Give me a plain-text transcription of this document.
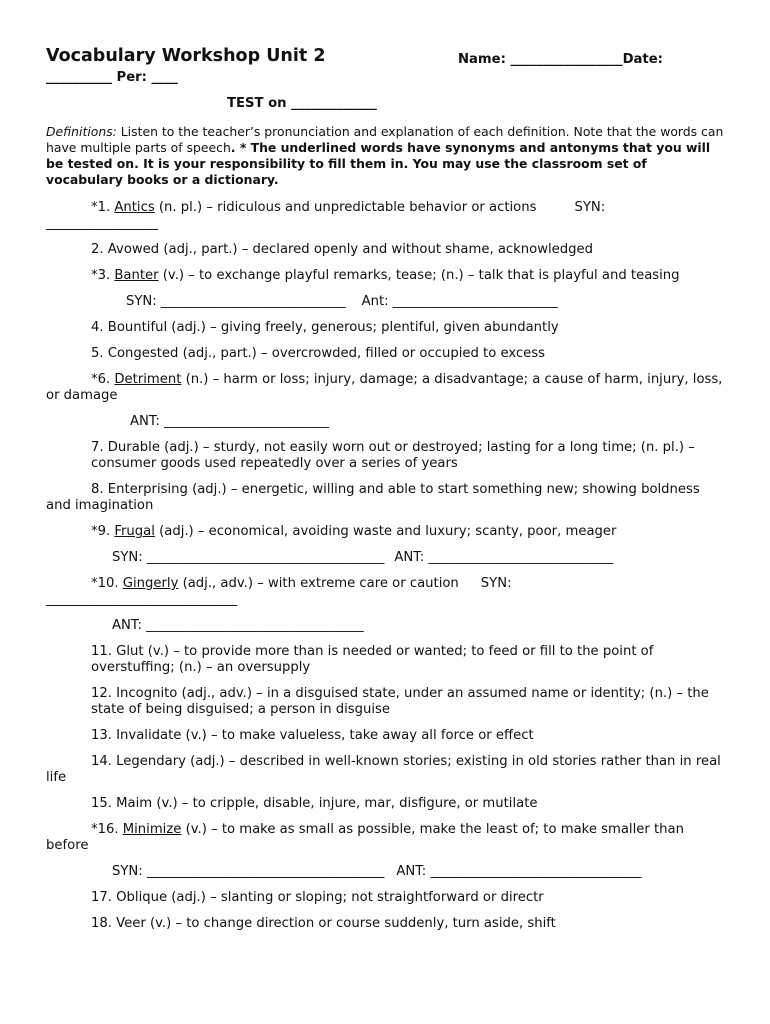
Vocabulary Workshop Unit 2	Name: _________________Date:
__________ Per: ____
TEST on _____________
Definitions: Listen to the teacher’s pronunciation and explanation of each definition. Note that the words can have multiple parts of speech. * The underlined words have synonyms and antonyms that you will be tested on. It is your responsibility to fill them in. You may use the classroom set of vocabulary books or a dictionary.
*1. Antics (n. pl.) – ridiculous and unpredictable behavior or actions	SYN:
_________________
2. Avowed (adj., part.) – declared openly and without shame, acknowledged
*3. Banter (v.) – to exchange playful remarks, tease; (n.) – talk that is playful and teasing
SYN: ____________________________ Ant: _________________________
4. Bountiful (adj.) – giving freely, generous; plentiful, given abundantly
5. Congested (adj., part.) – overcrowded, filled or occupied to excess
*6. Detriment (n.) – harm or loss; injury, damage; a disadvantage; a cause of harm, injury, loss, or damage
ANT: _________________________
7. Durable (adj.) – sturdy, not easily worn out or destroyed; lasting for a long time; (n. pl.) – consumer goods used repeatedly over a series of years
8. Enterprising (adj.) – energetic, willing and able to start something new; showing boldness and imagination
*9. Frugal (adj.) – economical, avoiding waste and luxury; scanty, poor, meager
SYN: ____________________________________ ANT: ____________________________
*10. Gingerly (adj., adv.) – with extreme care or caution SYN:
_____________________________
ANT: _________________________________
11. Glut (v.) – to provide more than is needed or wanted; to feed or fill to the point of overstuffing; (n.) – an oversupply
12. Incognito (adj., adv.) – in a disguised state, under an assumed name or identity; (n.) – the state of being disguised; a person in disguise
13. Invalidate (v.) – to make valueless, take away all force or effect
14. Legendary (adj.) – described in well-known stories; existing in old stories rather than in real life
15. Maim (v.) – to cripple, disable, injure, mar, disfigure, or mutilate
*16. Minimize (v.) – to make as small as possible, make the least of; to make smaller than before
SYN: ____________________________________ ANT: ________________________________
17. Oblique (adj.) – slanting or sloping; not straightforward or directr
18. Veer (v.) – to change direction or course suddenly, turn aside, shift
